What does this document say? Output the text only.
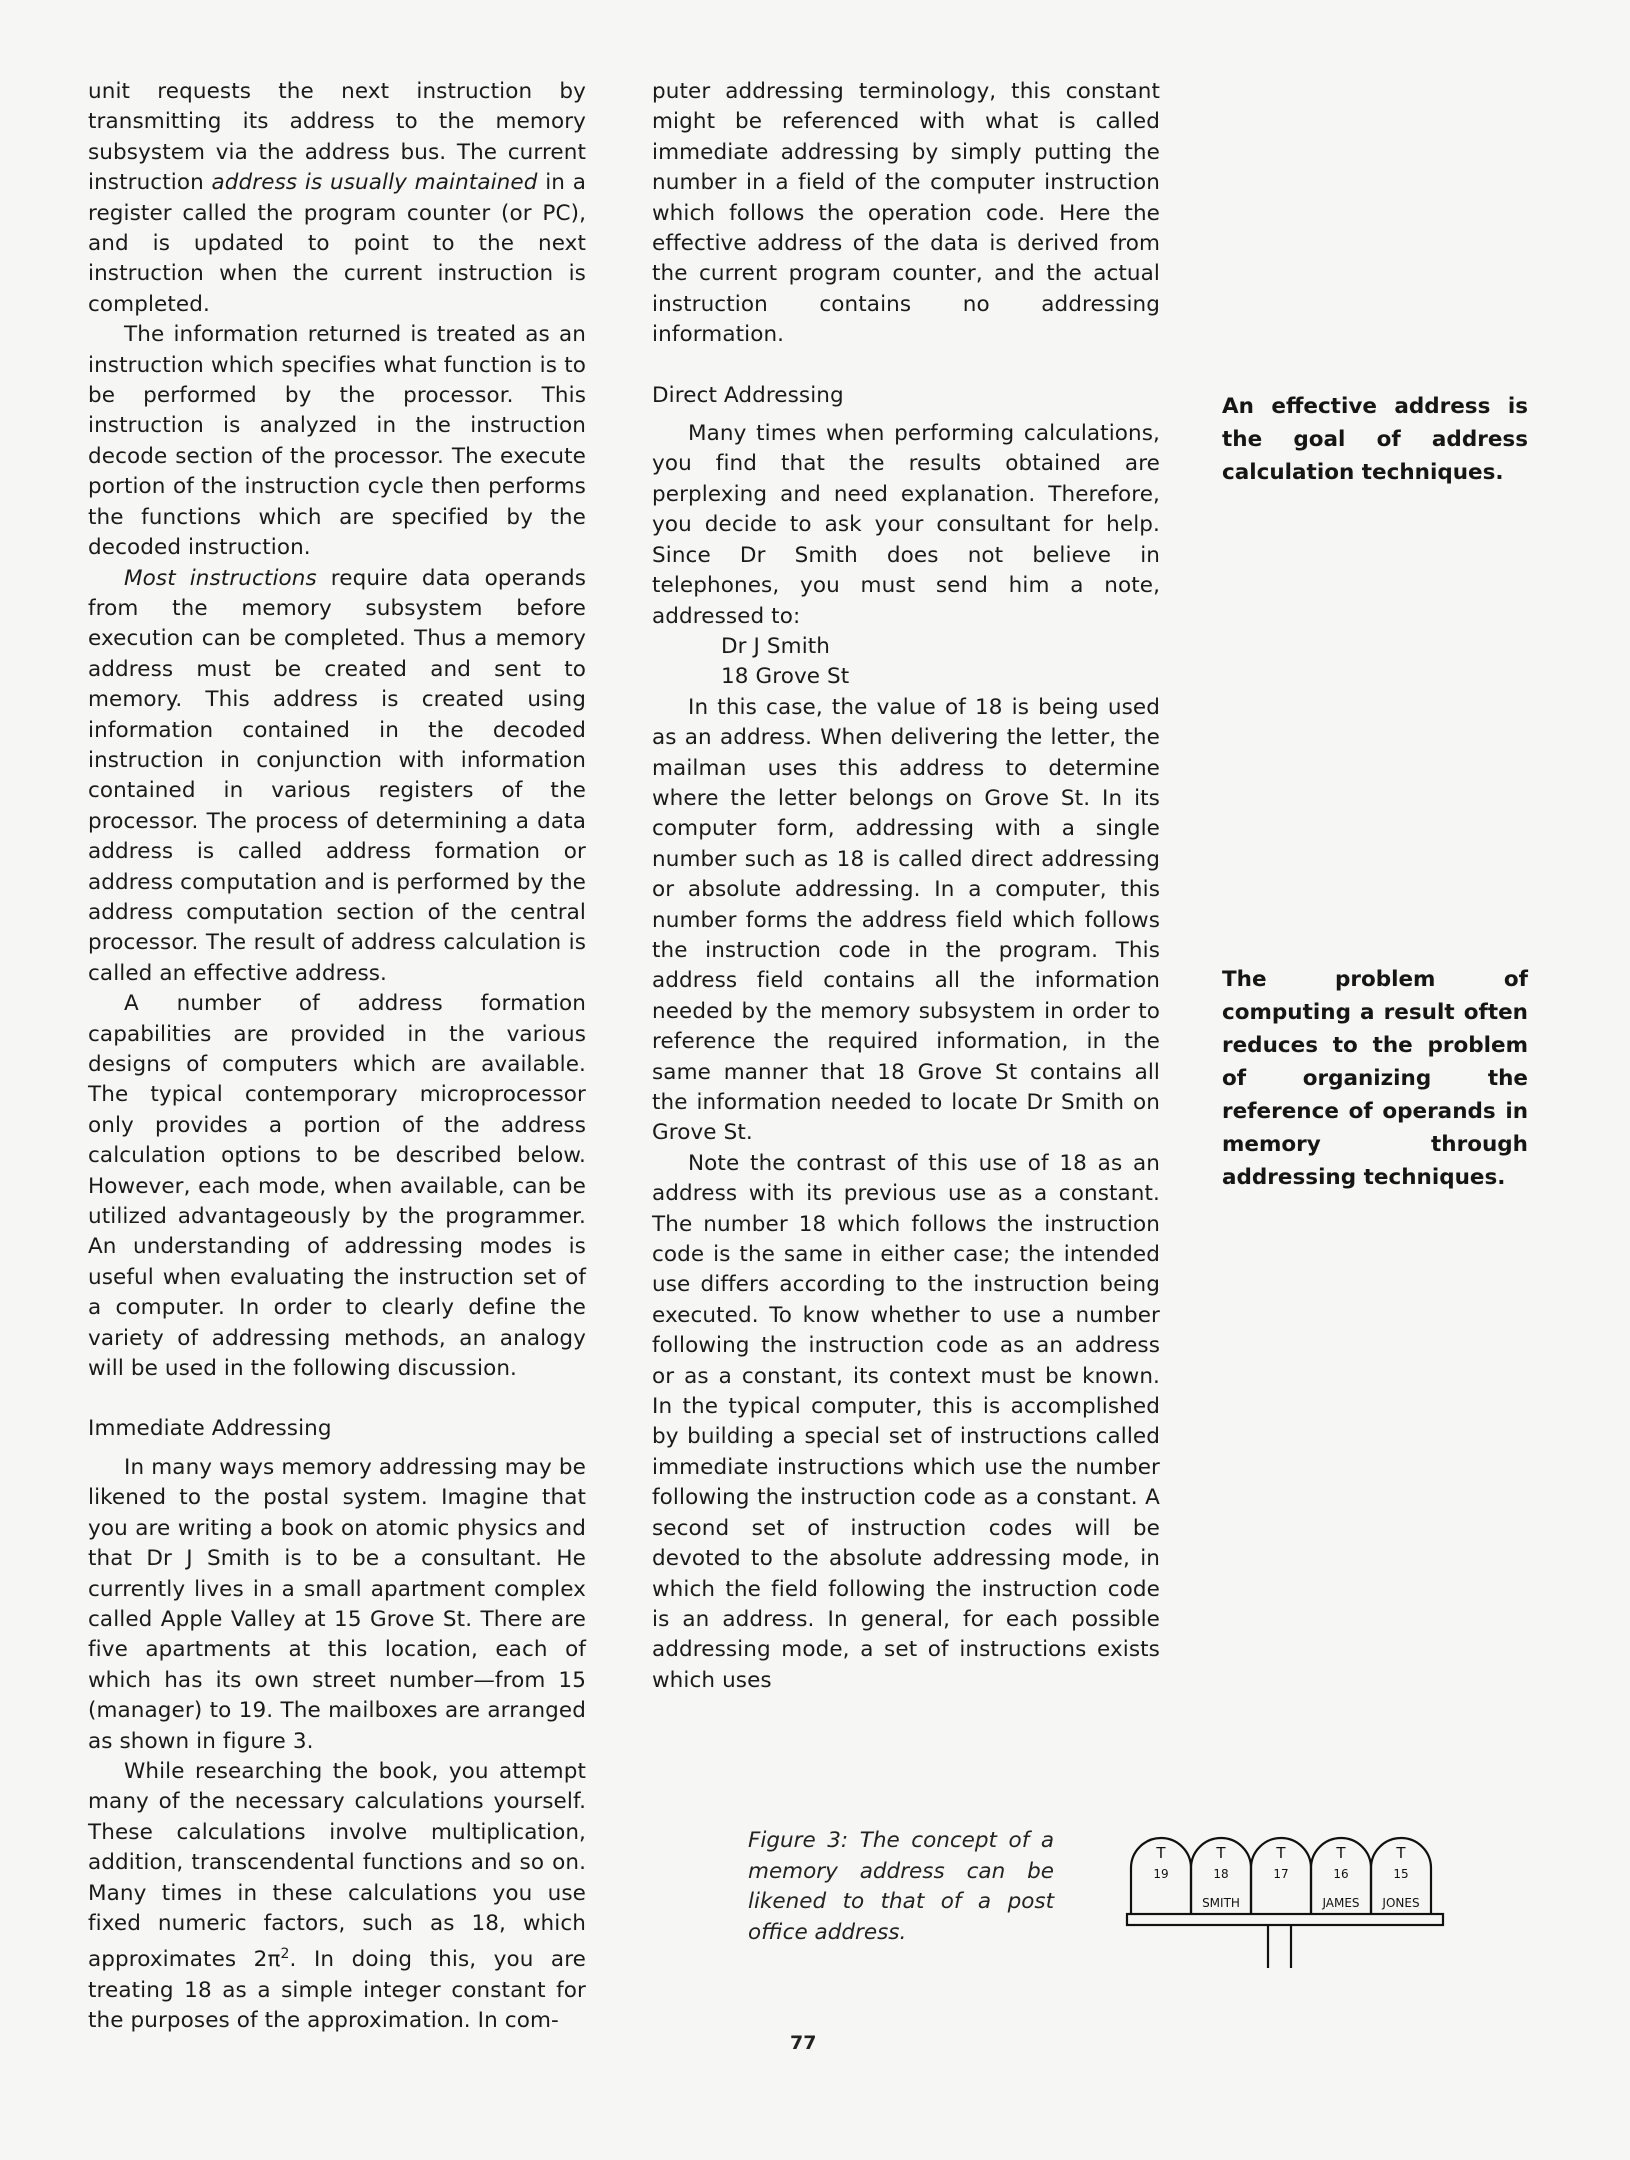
unit requests the next instruction by transmitting its address to the memory subsystem via the address bus. The current instruction address is usually maintained in a register called the program counter (or PC), and is updated to point to the next instruction when the current instruction is completed.

The information returned is treated as an instruction which specifies what function is to be performed by the processor. This instruction is analyzed in the instruction decode section of the processor. The execute portion of the instruction cycle then performs the functions which are specified by the decoded instruction.

Most instructions require data operands from the memory subsystem before execution can be completed. Thus a memory address must be created and sent to memory. This address is created using information contained in the decoded instruction in conjunction with information contained in various registers of the processor. The process of determining a data address is called address formation or address computation and is performed by the address computation section of the central processor. The result of address calculation is called an effective address.

A number of address formation capabilities are provided in the various designs of computers which are available. The typical contemporary microprocessor only provides a portion of the address calculation options to be described below. However, each mode, when available, can be utilized advantageously by the programmer. An understanding of addressing modes is useful when evaluating the instruction set of a computer. In order to clearly define the variety of addressing methods, an analogy will be used in the following discussion.

Immediate Addressing

In many ways memory addressing may be likened to the postal system. Imagine that you are writing a book on atomic physics and that Dr J Smith is to be a consultant. He currently lives in a small apartment complex called Apple Valley at 15 Grove St. There are five apartments at this location, each of which has its own street number—from 15 (manager) to 19. The mailboxes are arranged as shown in figure 3.

While researching the book, you attempt many of the necessary calculations yourself. These calculations involve multiplication, addition, transcendental functions and so on. Many times in these calculations you use fixed numeric factors, such as 18, which approximates $2\pi^2$. In doing this, you are treating 18 as a simple integer constant for the purposes of the approximation. In com-

puter addressing terminology, this constant might be referenced with what is called immediate addressing by simply putting the number in a field of the computer instruction which follows the operation code. Here the effective address of the data is derived from the current program counter, and the actual instruction contains no addressing information.

Direct Addressing

Many times when performing calculations, you find that the results obtained are perplexing and need explanation. Therefore, you decide to ask your consultant for help. Since Dr Smith does not believe in telephones, you must send him a note, addressed to:

Dr J Smith

18 Grove St

In this case, the value of 18 is being used as an address. When delivering the letter, the mailman uses this address to determine where the letter belongs on Grove St. In its computer form, addressing with a single number such as 18 is called direct addressing or absolute addressing. In a computer, this number forms the address field which follows the instruction code in the program. This address field contains all the information needed by the memory subsystem in order to reference the required information, in the same manner that 18 Grove St contains all the information needed to locate Dr Smith on Grove St.

Note the contrast of this use of 18 as an address with its previous use as a constant. The number 18 which follows the instruction code is the same in either case; the intended use differs according to the instruction being executed. To know whether to use a number following the instruction code as an address or as a constant, its context must be known. In the typical computer, this is accomplished by building a special set of instructions called immediate instructions which use the number following the instruction code as a constant. A second set of instruction codes will be devoted to the absolute addressing mode, in which the field following the instruction code is an address. In general, for each possible addressing mode, a set of instructions exists which uses

An effective address is the goal of address calculation techniques.
The problem of computing a result often reduces to the problem of organizing the reference of operands in memory through addressing techniques.
Figure 3: The concept of a memory address can be likened to that of a post office address.
T
19
T
18
SMITH
T
17
T
16
JAMES
T
15
JONES
77
